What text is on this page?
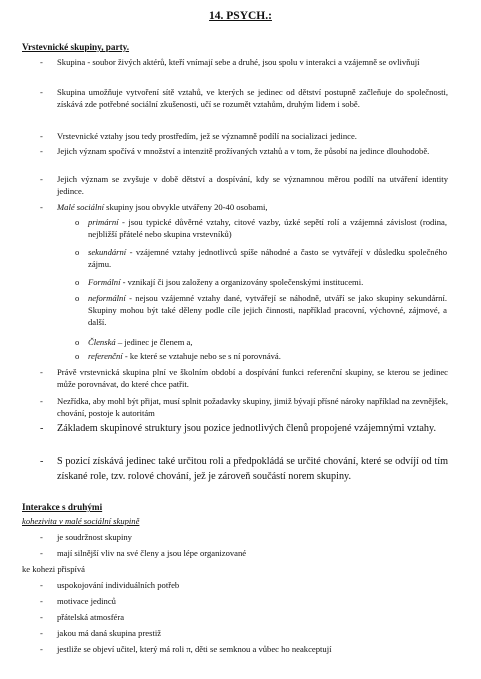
14. PSYCH.:
Vrstevnické skupiny, party.
-	Skupina - soubor živých aktérů, kteří vnímají sebe a druhé, jsou spolu v interakci a vzájemně se ovlivňují
-	Skupina umožňuje vytvoření sítě vztahů, ve kterých se jedinec od dětství postupně začleňuje do společnosti, získává zde potřebné sociální zkušenosti, učí se rozumět vztahům, druhým lidem i sobě.
-	Vrstevnické vztahy jsou tedy prostředím, jež se významně podílí na socializaci jedince.
-	Jejich význam spočívá v množství a intenzitě prožívaných vztahů a v tom, že působí na jedince dlouhodobě.
-	Jejich význam se zvyšuje v době dětství a dospívání, kdy se významnou měrou podílí na utváření identity jedince.
-	Malé sociální skupiny jsou obvykle utvářeny 20-40 osobami,
o primární - jsou typické důvěrné vztahy, citové vazby, úzké sepětí rolí a vzájemná závislost (rodina, nejbližší přátelé nebo skupina vrstevníků)
o sekundární - vzájemné vztahy jednotlivců spíše náhodné a často se vytvářejí v důsledku společného zájmu.
o Formální - vznikají či jsou založeny a organizovány společenskými institucemi.
o neformální - nejsou vzájemné vztahy dané, vytvářejí se náhodně, utváří se jako skupiny sekundární. Skupiny mohou být také děleny podle cíle jejich činnosti, například pracovní, výchovné, zájmové, a další.
o Členská – jedinec je členem a,
o referenční - ke které se vztahuje nebo se s ní porovnává.
-	Právě vrstevnická skupina plní ve školním období a dospívání funkci referenční skupiny, se kterou se jedinec může porovnávat, do které chce patřit.
-	Nezřídka, aby mohl být přijat, musí splnit požadavky skupiny, jimiž bývají přísné nároky například na zevnějšek, chování, postoje k autoritám
-	Základem skupinové struktury jsou pozice jednotlivých členů propojené vzájemnými vztahy.
-	S pozicí získává jedinec také určitou roli a předpokládá se určité chování, které se odvíjí od tím získané role, tzv. rolové chování, jež je zároveň součástí norem skupiny.
Interakce s druhými
kohezivita v malé sociální skupině
- je soudržnost skupiny
- mají silnější vliv na své členy a jsou lépe organizované
ke kohezi přispívá
- uspokojování individuálních potřeb
- motivace jedinců
- přátelská atmosféra
- jakou má daná skupina prestiž
- jestliže se objeví učitel, který má roli π, děti se semknou a vůbec ho neakceptují
